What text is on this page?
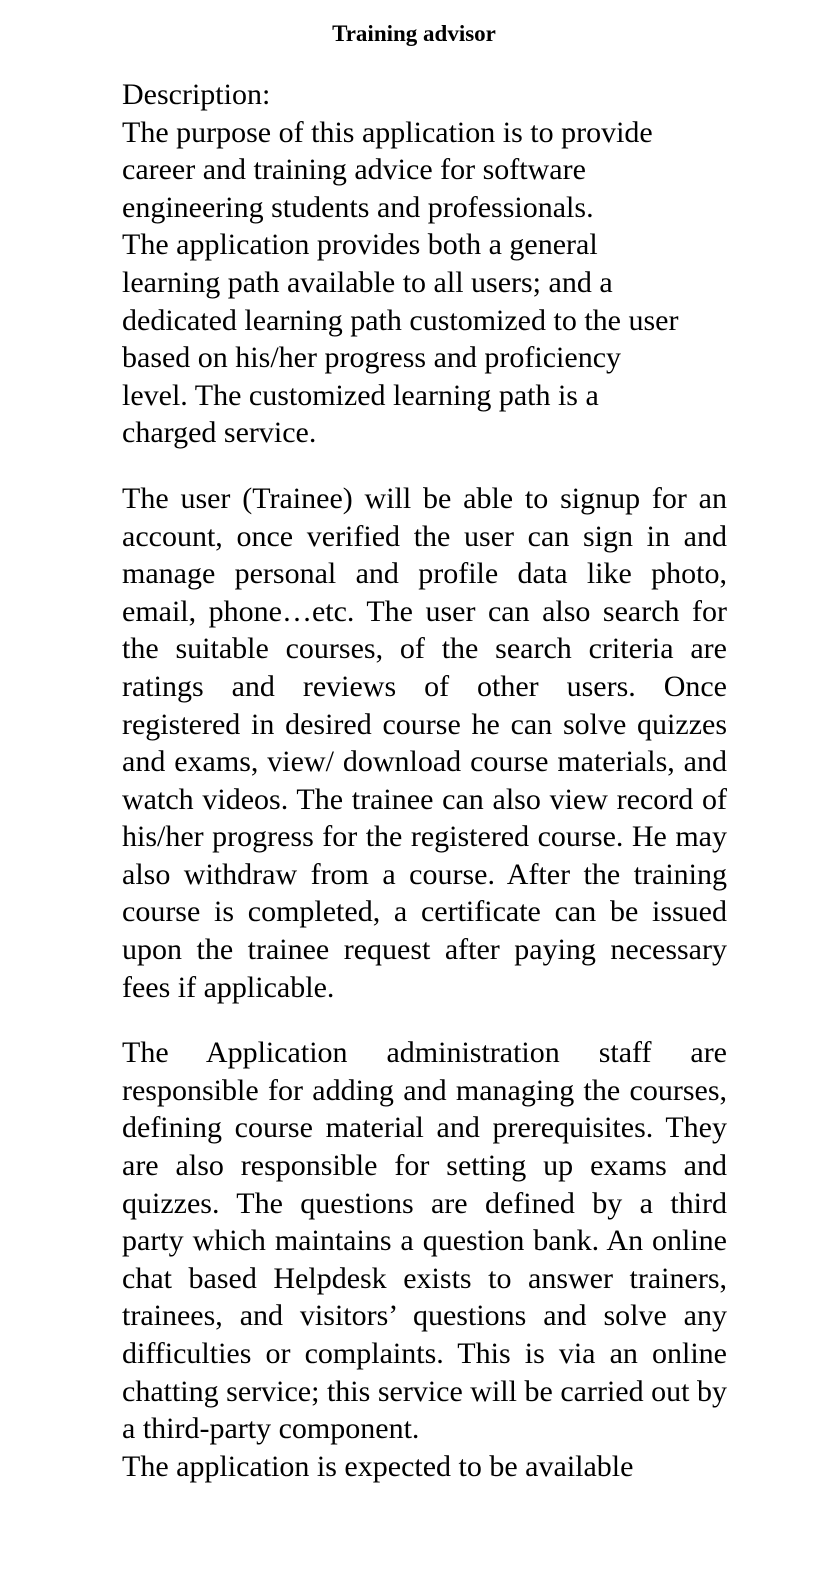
Training advisor
Description:
The purpose of this application is to provide
career and training advice for software
engineering students and professionals.
The application provides both a general
learning path available to all users; and a
dedicated learning path customized to the user
based on his/her progress and proficiency
level. The customized learning path is a
charged service.

The user (Trainee) will be able to signup for an account, once verified the user can sign in and manage personal and profile data like photo, email, phone…etc. The user can also search for the suitable courses, of the search criteria are ratings and reviews of other users. Once registered in desired course he can solve quizzes and exams, view/ download course materials, and watch videos. The trainee can also view record of his/her progress for the registered course. He may also withdraw from a course. After the training course is completed, a certificate can be issued upon the trainee request after paying necessary fees if applicable.

The Application administration staff are responsible for adding and managing the courses, defining course material and prerequisites. They are also responsible for setting up exams and quizzes. The questions are defined by a third party which maintains a question bank. An online chat based Helpdesk exists to answer trainers, trainees, and visitors’ questions and solve any difficulties or complaints. This is via an online chatting service; this service will be carried out by a third-party component.

The application is expected to be available
